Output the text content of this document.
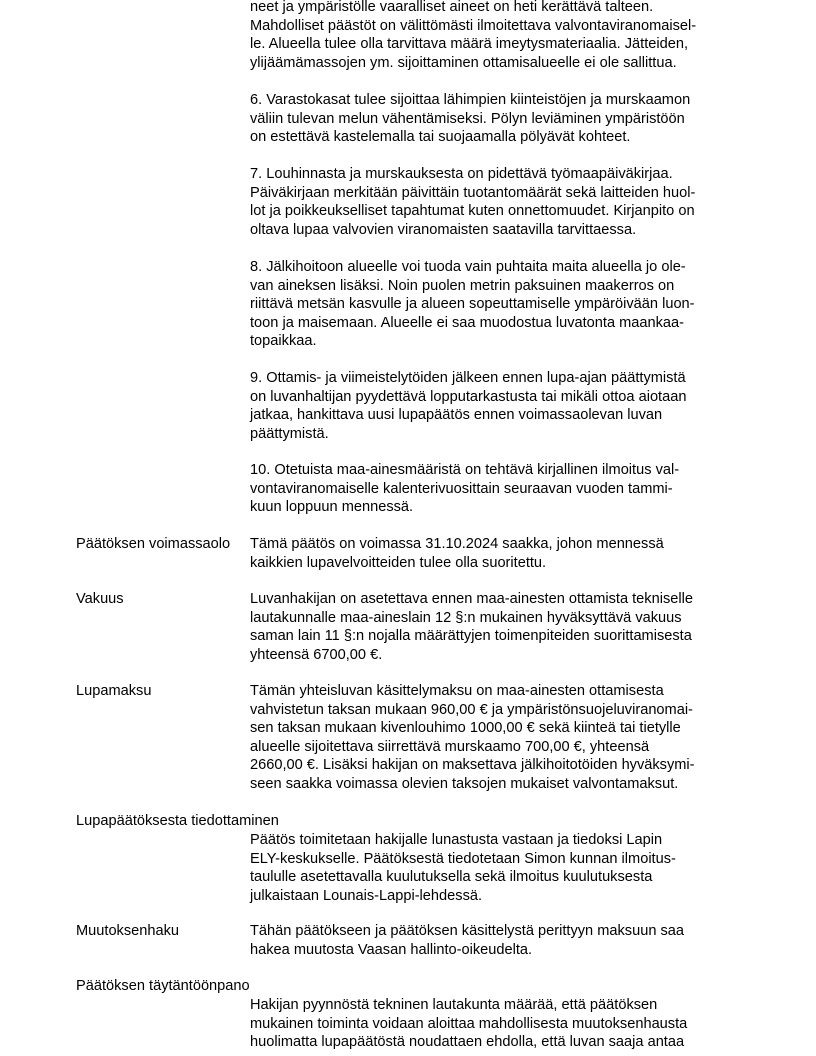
neet ja ympäristölle vaaralliset aineet on heti kerättävä talteen.
Mahdolliset päästöt on välittömästi ilmoitettava valvontaviranomaisel-
le. Alueella tulee olla tarvittava määrä imeytysmateriaalia. Jätteiden,
ylijäämämassojen ym. sijoittaminen ottamisalueelle ei ole sallittua.
6. Varastokasat tulee sijoittaa lähimpien kiinteistöjen ja murskaamon
väliin tulevan melun vähentämiseksi. Pölyn leviäminen ympäristöön
on estettävä kastelemalla tai suojaamalla pölyävät kohteet.
7. Louhinnasta ja murskauksesta on pidettävä työmaapäiväkirjaa.
Päiväkirjaan merkitään päivittäin tuotantomäärät sekä laitteiden huol-
lot ja poikkeukselliset tapahtumat kuten onnettomuudet. Kirjanpito on
oltava lupaa valvovien viranomaisten saatavilla tarvittaessa.
8. Jälkihoitoon alueelle voi tuoda vain puhtaita maita alueella jo ole-
van aineksen lisäksi. Noin puolen metrin paksuinen maakerros on
riittävä metsän kasvulle ja alueen sopeuttamiselle ympäröivään luon-
toon ja maisemaan. Alueelle ei saa muodostua luvatonta maankaa-
topaikkaa.
9. Ottamis- ja viimeistelytöiden jälkeen ennen lupa-ajan päättymistä
on luvanhaltijan pyydettävä lopputarkastusta tai mikäli ottoa aiotaan
jatkaa, hankittava uusi lupapäätös ennen voimassaolevan luvan
päättymistä.
10. Otetuista maa-ainesmääristä on tehtävä kirjallinen ilmoitus val-
vontaviranomaiselle kalenterivuosittain seuraavan vuoden tammi-
kuun loppuun mennessä.
Päätöksen voimassaolo Tämä päätös on voimassa 31.10.2024 saakka, johon mennessä
kaikkien lupavelvoitteiden tulee olla suoritettu.
Vakuus	Luvanhakijan on asetettava ennen maa-ainesten ottamista tekniselle
lautakunnalle maa-aineslain 12 §:n mukainen hyväksyttävä vakuus
saman lain 11 §:n nojalla määrättyjen toimenpiteiden suorittamisesta
yhteensä 6700,00 €.
Lupamaksu	Tämän yhteisluvan käsittelymaksu on maa-ainesten ottamisesta
vahvistetun taksan mukaan 960,00 € ja ympäristönsuojeluviranomai-
sen taksan mukaan kivenlouhimo 1000,00 € sekä kiinteä tai tietylle
alueelle sijoitettava siirrettävä murskaamo 700,00 €, yhteensä
2660,00 €. Lisäksi hakijan on maksettava jälkihoitotöiden hyväksymi-
seen saakka voimassa olevien taksojen mukaiset valvontamaksut.
Lupapäätöksesta tiedottaminen
Päätös toimitetaan hakijalle lunastusta vastaan ja tiedoksi Lapin
ELY-keskukselle. Päätöksestä tiedotetaan Simon kunnan ilmoitus-
taululle asetettavalla kuulutuksella sekä ilmoitus kuulutuksesta
julkaistaan Lounais-Lappi-lehdessä.
Muutoksenhaku	Tähän päätökseen ja päätöksen käsittelystä perittyyn maksuun saa
hakea muutosta Vaasan hallinto-oikeudelta.
Päätöksen täytäntöönpano
Hakijan pyynnöstä tekninen lautakunta määrää, että päätöksen
mukainen toiminta voidaan aloittaa mahdollisesta muutoksenhausta
huolimatta lupapäätöstä noudattaen ehdolla, että luvan saaja antaa
